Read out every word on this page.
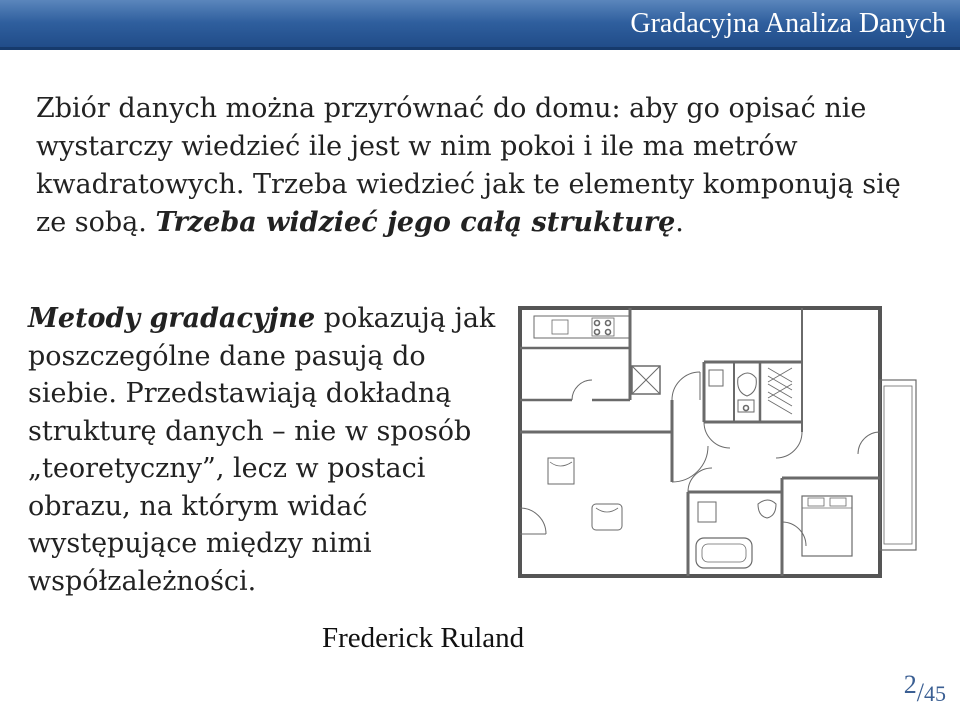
Gradacyjna Analiza Danych
Zbiór danych można przyrównać do domu: aby go opisać nie wystarczy wiedzieć ile jest w nim pokoi i ile ma metrów kwadratowych. Trzeba wiedzieć jak te elementy komponują się ze sobą. Trzeba widzieć jego całą strukturę.
Metody gradacyjne pokazują jak poszczególne dane pasują do siebie. Przedstawiają dokładną strukturę danych – nie w sposób „teoretyczny”, lecz w postaci obrazu, na którym widać występujące między nimi współzależności.
Frederick Ruland
2/45
